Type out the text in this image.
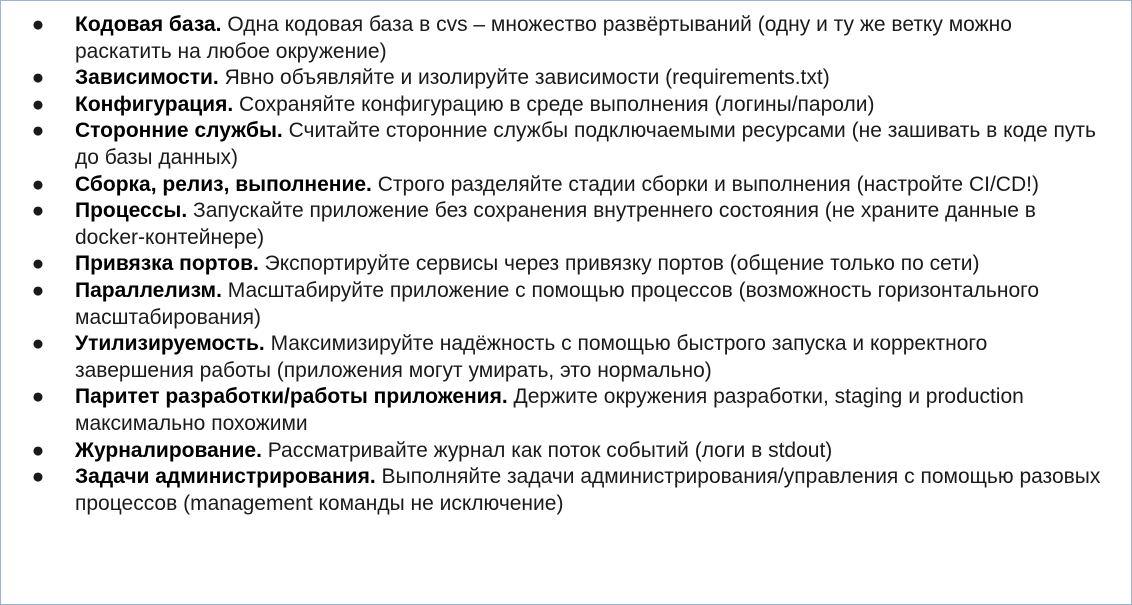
● Кодовая база. Одна кодовая база в cvs – множество развёртываний (одну и ту же ветку можно раскатить на любое окружение)
● Зависимости. Явно объявляйте и изолируйте зависимости (requirements.txt)
● Конфигурация. Сохраняйте конфигурацию в среде выполнения (логины/пароли)
● Сторонние службы. Считайте сторонние службы подключаемыми ресурсами (не зашивать в коде путь до базы данных)
● Сборка, релиз, выполнение. Строго разделяйте стадии сборки и выполнения (настройте CI/CD!)
● Процессы. Запускайте приложение без сохранения внутреннего состояния (не храните данные в docker-контейнере)
● Привязка портов. Экспортируйте сервисы через привязку портов (общение только по сети)
● Параллелизм. Масштабируйте приложение с помощью процессов (возможность горизонтального масштабирования)
● Утилизируемость. Максимизируйте надёжность с помощью быстрого запуска и корректного завершения работы (приложения могут умирать, это нормально)
● Паритет разработки/работы приложения. Держите окружения разработки, staging и production максимально похожими
● Журналирование. Рассматривайте журнал как поток событий (логи в stdout)
● Задачи администрирования. Выполняйте задачи администрирования/управления с помощью разовых процессов (management команды не исключение)
